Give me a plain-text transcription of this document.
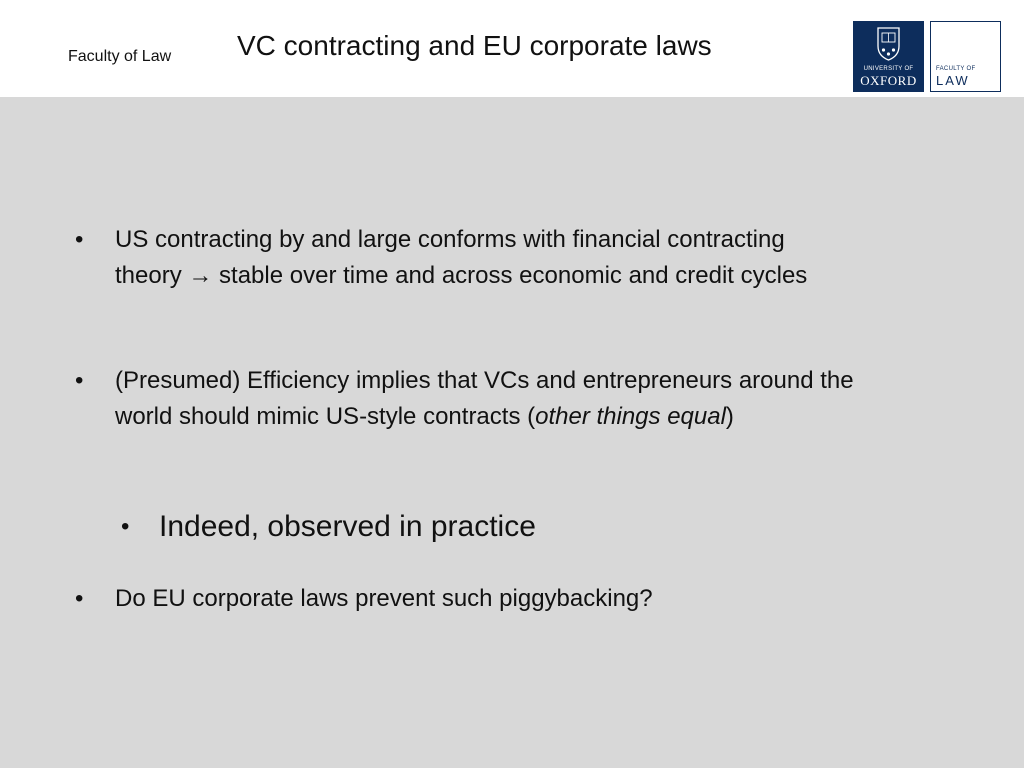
Faculty of Law VC contracting and EU corporate laws
UNIVERSITY OF
OXFORD
FACULTY OF
LAW
• US contracting by and large conforms with financial contracting theory → stable over time and across economic and credit cycles
• (Presumed) Efficiency implies that VCs and entrepreneurs around the world should mimic US-style contracts (other things equal)
• Indeed, observed in practice
• Do EU corporate laws prevent such piggybacking?
